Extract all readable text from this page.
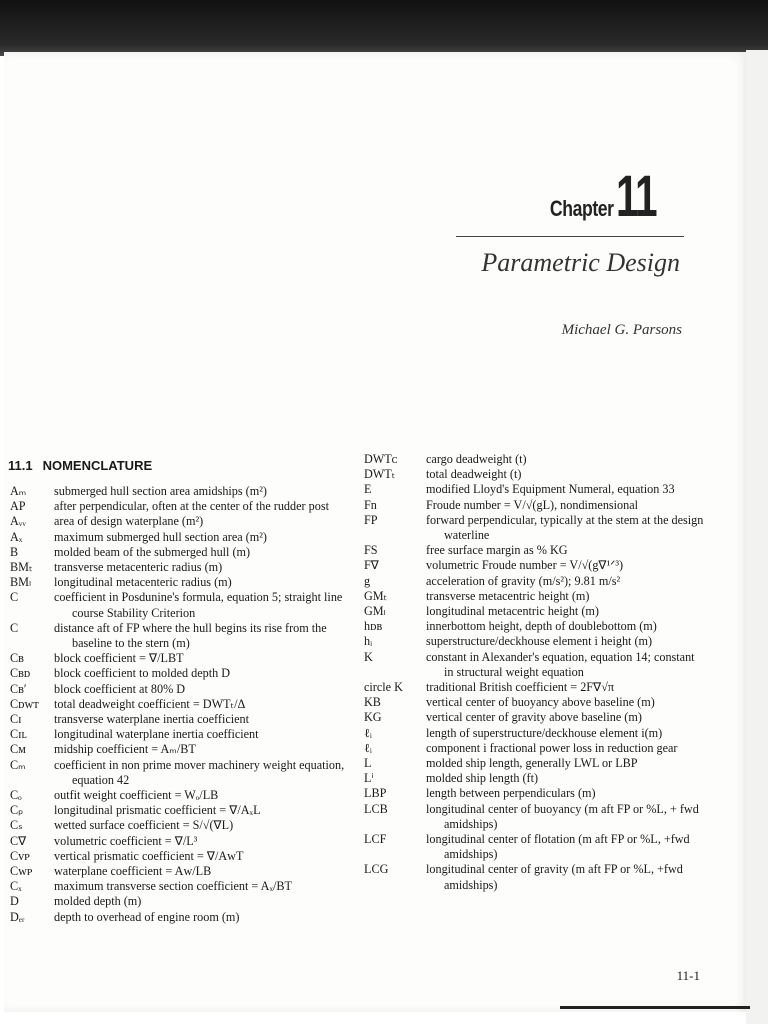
Chapter 11
Parametric Design
Michael G. Parsons
11.1 NOMENCLATURE
Aₘ	submerged hull section area amidships (m²)
AP	after perpendicular, often at the center of the rudder post
Aᵥᵥ	area of design waterplane (m²)
Aₓ	maximum submerged hull section area (m²)
B	molded beam of the submerged hull (m)
BMₜ	transverse metacenteric radius (m)
BMₗ	longitudinal metacenteric radius (m)
C	coefficient in Posdunine's formula, equation 5; straight line course Stability Criterion
C	distance aft of FP where the hull begins its rise from the baseline to the stern (m)
Cʙ	block coefficient = ∇/LBT
Cʙᴅ	block coefficient to molded depth D
Cʙ′	block coefficient at 80% D
Cᴅᴡᴛ	total deadweight coefficient = DWTₜ/Δ
Cɪ	transverse waterplane inertia coefficient
Cɪʟ	longitudinal waterplane inertia coefficient
Cᴍ	midship coefficient = Aₘ/BT
Cₘ	coefficient in non prime mover machinery weight equation, equation 42
Cₒ	outfit weight coefficient = Wₒ/LB
Cₚ	longitudinal prismatic coefficient = ∇/AₓL
Cₛ	wetted surface coefficient = S/√(∇L)
C∇	volumetric coefficient = ∇/L³
Cᴠᴘ	vertical prismatic coefficient = ∇/AᴡT
Cᴡᴘ	waterplane coefficient = Aᴡ/LB
Cₓ	maximum transverse section coefficient = Aₓ/BT
D	molded depth (m)
Dₑᵣ	depth to overhead of engine room (m)
DWTᴄ	cargo deadweight (t)
DWTₜ	total deadweight (t)
E	modified Lloyd's Equipment Numeral, equation 33
Fn	Froude number = V/√(gL), nondimensional
FP	forward perpendicular, typically at the stem at the design waterline
FS	free surface margin as % KG
F∇	volumetric Froude number = V/√(g∇¹ᐟ³)
g	acceleration of gravity (m/s²); 9.81 m/s²
GMₜ	transverse metacentric height (m)
GMₗ	longitudinal metacentric height (m)
hᴅʙ	innerbottom height, depth of doublebottom (m)
hᵢ	superstructure/deckhouse element i height (m)
K	constant in Alexander's equation, equation 14; constant in structural weight equation
circle K	traditional British coefficient = 2F∇√π
KB	vertical center of buoyancy above baseline (m)
KG	vertical center of gravity above baseline (m)
ℓᵢ	length of superstructure/deckhouse element i(m)
ℓᵢ	component i fractional power loss in reduction gear
L	molded ship length, generally LWL or LBP
Lⁱ	molded ship length (ft)
LBP	length between perpendiculars (m)
LCB	longitudinal center of buoyancy (m aft FP or %L, + fwd amidships)
LCF	longitudinal center of flotation (m aft FP or %L, +fwd amidships)
LCG	longitudinal center of gravity (m aft FP or %L, +fwd amidships)
11-1
